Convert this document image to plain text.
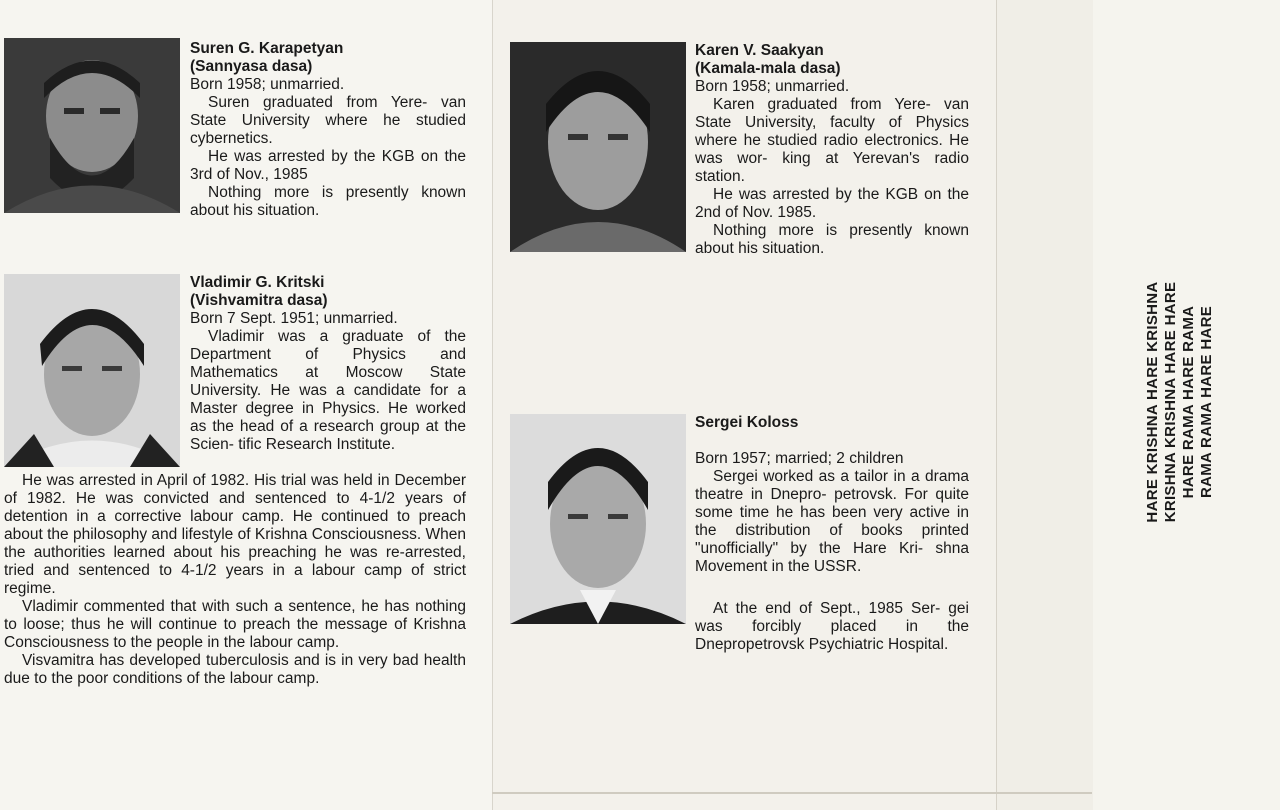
Suren G. Karapetyan

(Sannyasa dasa)

Born 1958; unmarried.

Suren graduated from Yere- van State University where he studied cybernetics.

He was arrested by the KGB on the 3rd of Nov., 1985

Nothing more is presently known about his situation.

Vladimir G. Kritski

(Vishvamitra dasa)

Born 7 Sept. 1951; unmarried.

Vladimir was a graduate of the Department of Physics and Mathematics at Moscow State University. He was a candidate for a Master degree in Physics. He worked as the head of a research group at the Scien- tific Research Institute.

He was arrested in April of 1982. His trial was held in December of 1982. He was convicted and sentenced to 4-1/2 years of detention in a corrective labour camp. He continued to preach about the philosophy and lifestyle of Krishna Consciousness. When the authorities learned about his preaching he was re-arrested, tried and sentenced to 4-1/2 years in a labour camp of strict regime.

Vladimir commented that with such a sentence, he has nothing to loose; thus he will continue to preach the message of Krishna Consciousness to the people in the labour camp.

Visvamitra has developed tuberculosis and is in very bad health due to the poor conditions of the labour camp.

Karen V. Saakyan

(Kamala-mala dasa)

Born 1958; unmarried.

Karen graduated from Yere- van State University, faculty of Physics where he studied radio electronics. He was wor- king at Yerevan's radio station.

He was arrested by the KGB on the 2nd of Nov. 1985.

Nothing more is presently known about his situation.

Sergei Koloss

Born 1957; married; 2 children

Sergei worked as a tailor in a drama theatre in Dnepro- petrovsk. For quite some time he has been very active in the distribution of books printed "unofficially" by the Hare Kri- shna Movement in the USSR.

At the end of Sept., 1985 Ser- gei was forcibly placed in the Dnepropetrovsk Psychiatric Hospital.

HARE KRISHNA HARE KRISHNA KRISHNA KRISHNA HARE HARE HARE RAMA HARE RAMA RAMA RAMA HARE HARE
